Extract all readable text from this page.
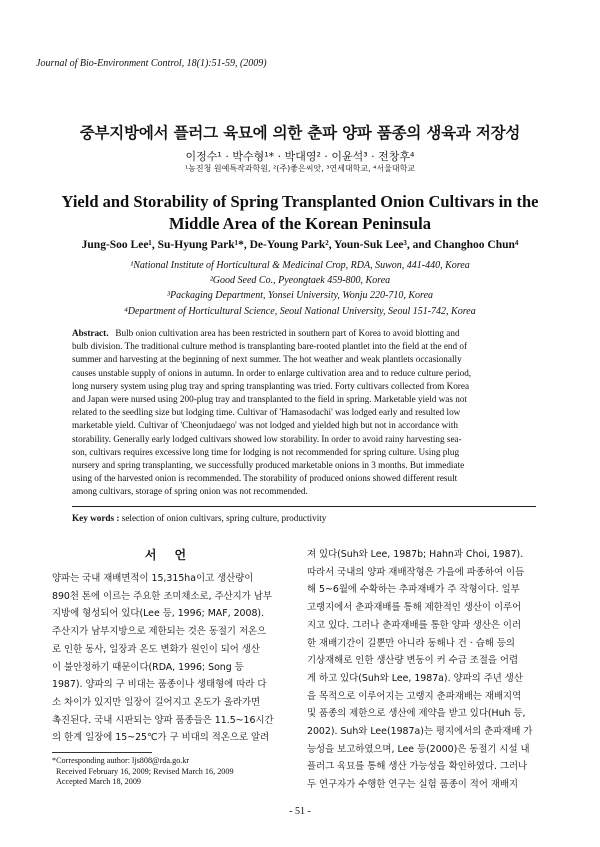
Journal of Bio-Environment Control, 18(1):51-59, (2009)
중부지방에서 플러그 육묘에 의한 춘파 양파 품종의 생육과 저장성
이정수¹ · 박수형¹* · 박대영² · 이윤석³ · 전창후⁴
¹농진청 원예특작과학원, ²(주)좋은씨앗, ³연세대학교, ⁴서울대학교
Yield and Storability of Spring Transplanted Onion Cultivars in the
Middle Area of the Korean Peninsula
Jung-Soo Lee¹, Su-Hyung Park¹*, De-Young Park², Youn-Suk Lee³, and Changhoo Chun⁴
¹National Institute of Horticultural & Medicinal Crop, RDA, Suwon, 441-440, Korea
²Good Seed Co., Pyeongtaek 459-800, Korea
³Packaging Department, Yonsei University, Wonju 220-710, Korea
⁴Department of Horticultural Science, Seoul National University, Seoul 151-742, Korea
Abstract. Bulb onion cultivation area has been restricted in southern part of Korea to avoid blotting and
bulb division. The traditional culture method is transplanting bare-rooted plantlet into the field at the end of
summer and harvesting at the beginning of next summer. The hot weather and weak plantlets occasionally
causes unstable supply of onions in autumn. In order to enlarge cultivation area and to reduce culture period,
long nursery system using plug tray and spring transplanting was tried. Forty cultivars collected from Korea
and Japan were nursed using 200-plug tray and transplanted to the field in spring. Marketable yield was not
related to the seedling size but lodging time. Cultivar of 'Hamasodachi' was lodged early and resulted low
marketable yield. Cultivar of 'Cheonjudaego' was not lodged and yielded high but not in accordance with
storability. Generally early lodged cultivars showed low storability. In order to avoid rainy harvesting sea-
son, cultivars requires excessive long time for lodging is not recommended for spring culture. Using plug
nursery and spring transplanting, we successfully produced marketable onions in 3 months. But immediate
using of the harvested onion is recommended. The storability of produced onions showed different result
among cultivars, storage of spring onion was not recommended.
Key words : selection of onion cultivars, spring culture, productivity
서언
양파는 국내 재배면적이 15,315ha이고 생산량이
890천 톤에 이르는 주요한 조미채소로, 주산지가 남부
지방에 형성되어 있다(Lee 등, 1996; MAF, 2008).
주산지가 남부지방으로 제한되는 것은 동절기 저온으
로 인한 동사, 일장과 온도 변화가 원인이 되어 생산
이 불안정하기 때문이다(RDA, 1996; Song 등
1987). 양파의 구 비대는 품종이나 생태형에 따라 다
소 차이가 있지만 일장이 길어지고 온도가 올라가면
촉진된다. 국내 시판되는 양파 품종들은 11.5~16시간
의 한계 일장에 15~25℃가 구 비대의 적온으로 알려
져 있다(Suh와 Lee, 1987b; Hahn과 Choi, 1987).
따라서 국내의 양파 재배작형은 가을에 파종하여 이듬
해 5~6월에 수확하는 추파재배가 주 작형이다. 일부
고랭지에서 춘파재배를 통해 제한적인 생산이 이루어
지고 있다. 그러나 춘파재배를 통한 양파 생산은 이러
한 재배기간이 길뿐만 아니라 동해나 건 · 습해 등의
기상재해로 인한 생산량 변동이 커 수급 조절을 어렵
게 하고 있다(Suh와 Lee, 1987a). 양파의 주년 생산
을 목적으로 이루어지는 고랭지 춘파재배는 재배지역
및 품종의 제한으로 생산에 제약을 받고 있다(Huh 등,
2002). Suh와 Lee(1987a)는 평지에서의 춘파재배 가
능성을 보고하였으며, Lee 등(2000)은 동절기 시설 내
플러그 육묘를 통해 생산 가능성을 확인하였다. 그러나
두 연구자가 수행한 연구는 실험 품종이 적어 재배지
*Corresponding author: ljs808@rda.go.kr
Received February 16, 2009; Revised March 16, 2009
Accepted March 18, 2009
- 51 -
